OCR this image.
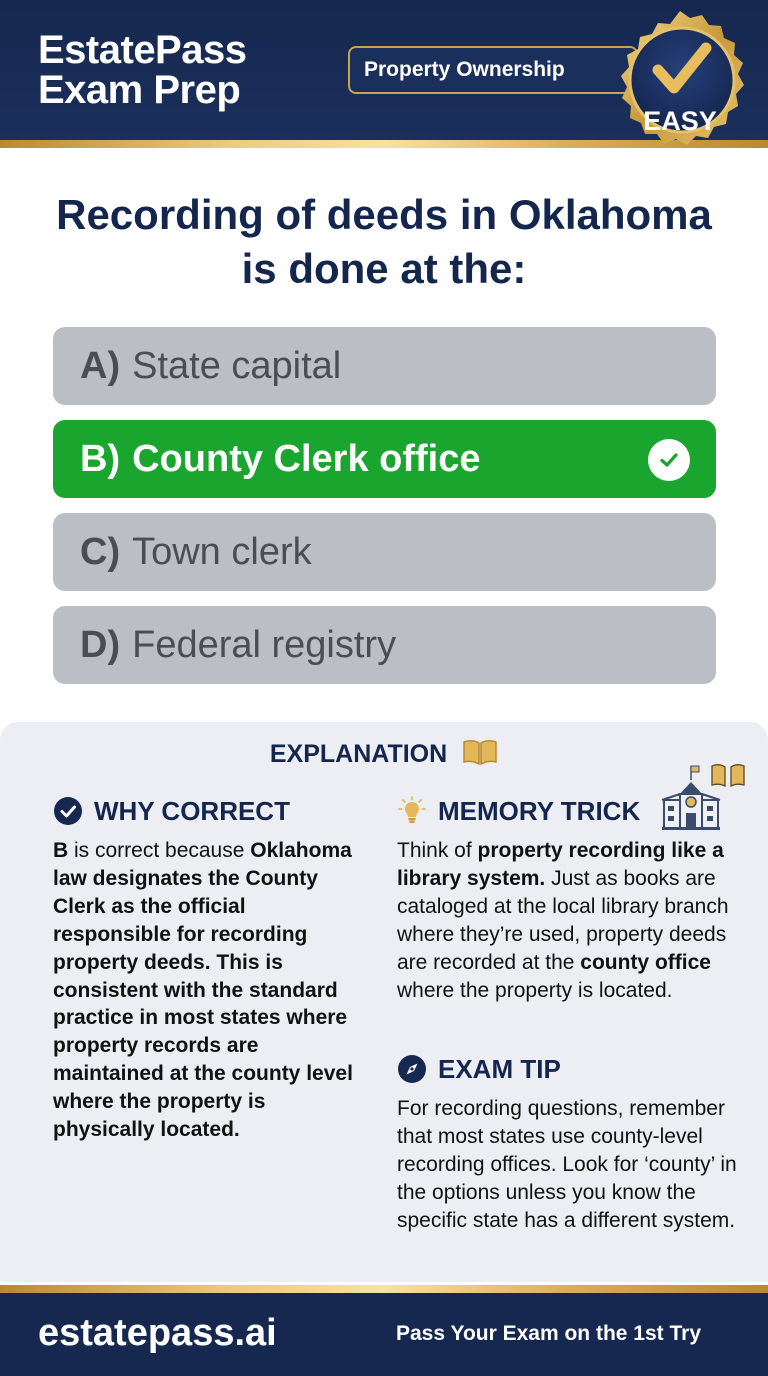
EstatePass
Exam Prep	Property Ownership
EASY
Recording of deeds in Oklahoma is done at the:
A) State capital
B) County Clerk office
C) Town clerk
D) Federal registry
EXPLANATION
WHY CORRECT
B is correct because Oklahoma law designates the County Clerk as the official responsible for recording property deeds. This is consistent with the standard practice in most states where property records are maintained at the county level where the property is physically located.
MEMORY TRICK
Think of property recording like a library system. Just as books are cataloged at the local library branch where they’re used, property deeds are recorded at the county office where the property is located.
EXAM TIP
For recording questions, remember that most states use county-level recording offices. Look for ‘county’ in the options unless you know the specific state has a different system.
estatepass.ai	Pass Your Exam on the 1st Try
